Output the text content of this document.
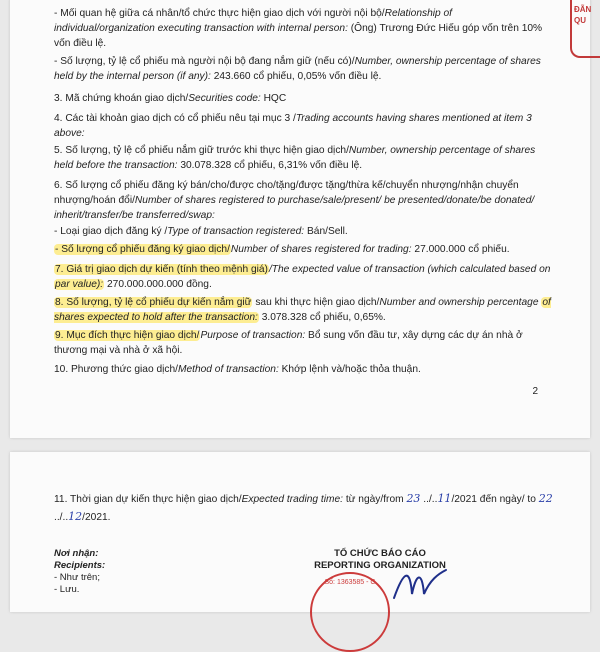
ĐÃN QU

- Mối quan hệ giữa cá nhân/tổ chức thực hiện giao dịch với người nội bộ/Relationship of individual/organization executing transaction with internal person: (Ông) Trương Đức Hiếu góp vốn trên 10% vốn điều lệ.

- Số lượng, tỷ lệ cổ phiếu mà người nội bộ đang nắm giữ (nếu có)/Number, ownership percentage of shares held by the internal person (if any): 243.660 cổ phiếu, 0,05% vốn điều lệ.

3. Mã chứng khoán giao dịch/Securities code: HQC

4. Các tài khoản giao dịch có cổ phiếu nêu tại mục 3 /Trading accounts having shares mentioned at item 3 above:

5. Số lượng, tỷ lệ cổ phiếu nắm giữ trước khi thực hiện giao dịch/Number, ownership percentage of shares held before the transaction: 30.078.328 cổ phiếu, 6,31% vốn điều lệ.

6. Số lượng cổ phiếu đăng ký bán/cho/được cho/tặng/được tặng/thừa kế/chuyển nhượng/nhận chuyển nhượng/hoán đổi/Number of shares registered to purchase/sale/present/ be presented/donate/be donated/ inherit/transfer/be transferred/swap:

- Loại giao dịch đăng ký /Type of transaction registered: Bán/Sell.

- Số lượng cổ phiếu đăng ký giao dịch/Number of shares registered for trading: 27.000.000 cổ phiếu.

7. Giá trị giao dịch dự kiến (tính theo mệnh giá)/The expected value of transaction (which calculated based on par value): 270.000.000.000 đồng.

8. Số lượng, tỷ lệ cổ phiếu dự kiến nắm giữ sau khi thực hiện giao dịch/Number and ownership percentage of shares expected to hold after the transaction: 3.078.328 cổ phiếu, 0,65%.

9. Mục đích thực hiện giao dịch/Purpose of transaction: Bổ sung vốn đầu tư, xây dựng các dự án nhà ở thương mại và nhà ở xã hội.

10. Phương thức giao dịch/Method of transaction: Khớp lệnh và/hoặc thỏa thuận.

2

11. Thời gian dự kiến thực hiện giao dịch/Expected trading time: từ ngày/from 23 ../..11/2021 đến ngày/ to 22 ../..12/2021.

Nơi nhận:
Recipients:
- Như trên;
- Lưu.
TỔ CHỨC BÁO CÁO
REPORTING ORGANIZATION
Số: 1363585 - C
